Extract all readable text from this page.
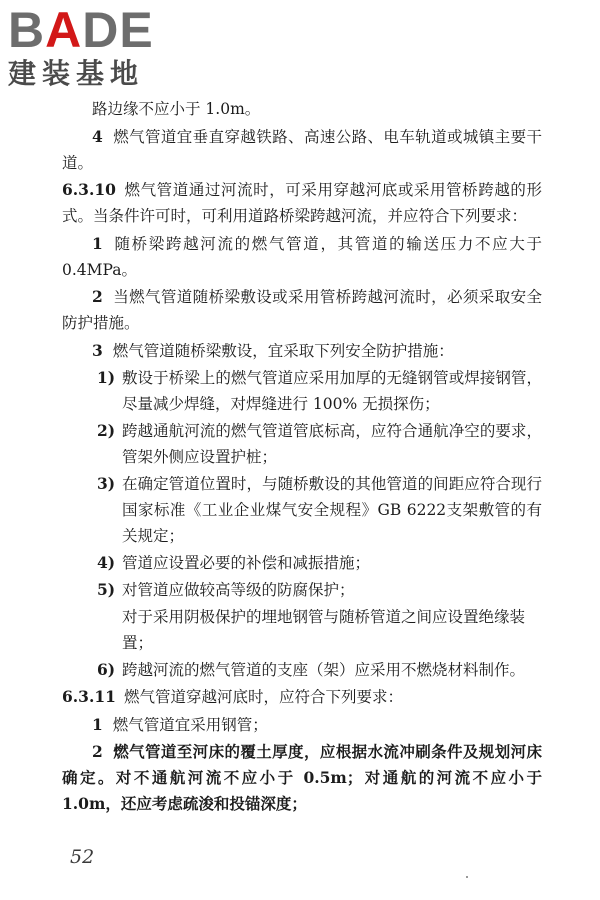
BADE
建装基地

路边缘不应小于 1.0m。

4 燃气管道宜垂直穿越铁路、高速公路、电车轨道或城镇主要干道。

6.3.10 燃气管道通过河流时，可采用穿越河底或采用管桥跨越的形式。当条件许可时，可利用道路桥梁跨越河流，并应符合下列要求：

1 随桥梁跨越河流的燃气管道，其管道的输送压力不应大于 0.4MPa。

2 当燃气管道随桥梁敷设或采用管桥跨越河流时，必须采取安全防护措施。

3 燃气管道随桥梁敷设，宜采取下列安全防护措施：

1) 敷设于桥梁上的燃气管道应采用加厚的无缝钢管或焊接钢管，尽量减少焊缝，对焊缝进行 100% 无损探伤；
2) 跨越通航河流的燃气管道管底标高，应符合通航净空的要求，管架外侧应设置护桩；
3) 在确定管道位置时，与随桥敷设的其他管道的间距应符合现行国家标准《工业企业煤气安全规程》GB 6222支架敷管的有关规定；
4) 管道应设置必要的补偿和减振措施；
5) 对管道应做较高等级的防腐保护；
对于采用阴极保护的埋地钢管与随桥管道之间应设置绝缘装置；
6) 跨越河流的燃气管道的支座（架）应采用不燃烧材料制作。

6.3.11 燃气管道穿越河底时，应符合下列要求：

1 燃气管道宜采用钢管；

2 燃气管道至河床的覆土厚度，应根据水流冲刷条件及规划河床确定。对不通航河流不应小于 0.5m；对通航的河流不应小于 1.0m，还应考虑疏浚和投锚深度；

52
